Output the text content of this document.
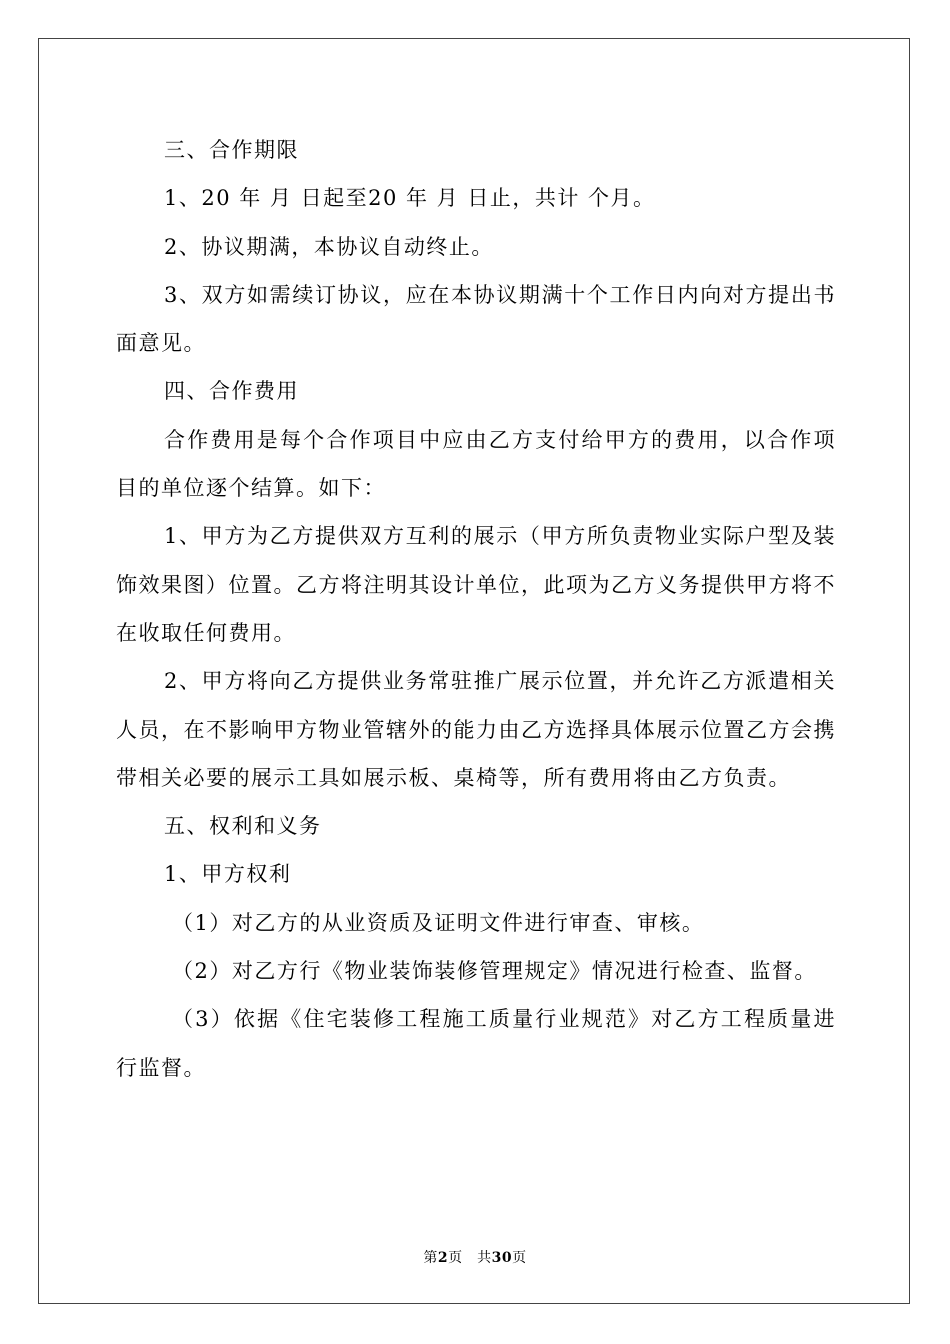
三、合作期限

1、20 年 月 日起至20 年 月 日止，共计 个月。

2、协议期满，本协议自动终止。

3、双方如需续订协议，应在本协议期满十个工作日内向对方提出书面意见。

四、合作费用

合作费用是每个合作项目中应由乙方支付给甲方的费用，以合作项目的单位逐个结算。如下：

1、甲方为乙方提供双方互利的展示（甲方所负责物业实际户型及装饰效果图）位置。乙方将注明其设计单位，此项为乙方义务提供甲方将不在收取任何费用。

2、甲方将向乙方提供业务常驻推广展示位置，并允许乙方派遣相关人员，在不影响甲方物业管辖外的能力由乙方选择具体展示位置乙方会携带相关必要的展示工具如展示板、桌椅等，所有费用将由乙方负责。

五、权利和义务

1、甲方权利

（1）对乙方的从业资质及证明文件进行审查、审核。

（2）对乙方行《物业装饰装修管理规定》情况进行检查、监督。

（3）依据《住宅装修工程施工质量行业规范》对乙方工程质量进行监督。

第2页　共30页
